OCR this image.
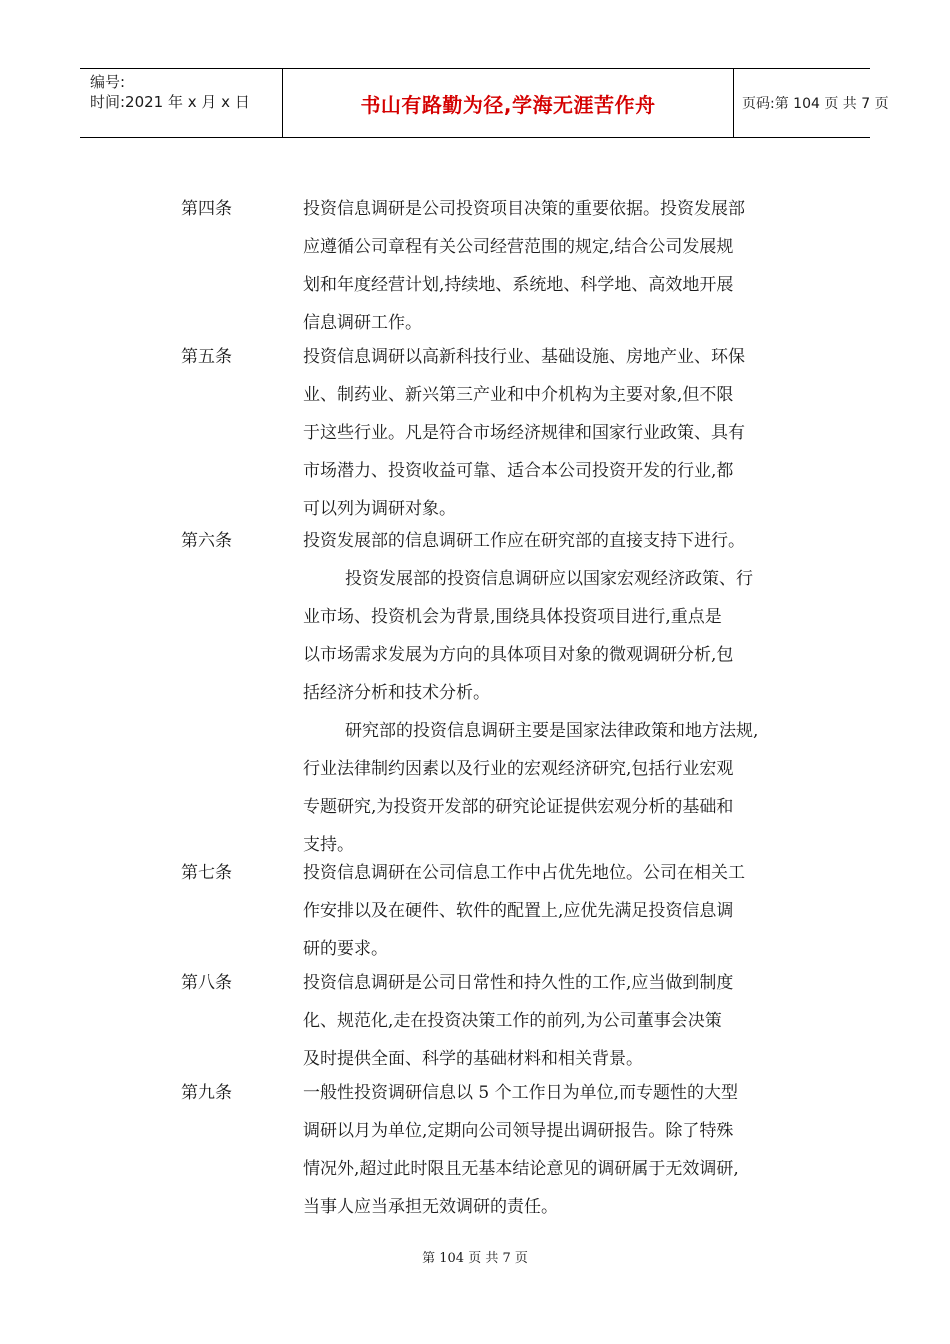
编号:
时间:2021 年 x 月 x 日	书山有路勤为径,学海无涯苦作舟	页码:第 104 页 共 7 页
第四条	投资信息调研是公司投资项目决策的重要依据。投资发展部
应遵循公司章程有关公司经营范围的规定,结合公司发展规
划和年度经营计划,持续地、系统地、科学地、高效地开展
信息调研工作。
第五条	投资信息调研以高新科技行业、基础设施、房地产业、环保
业、制药业、新兴第三产业和中介机构为主要对象,但不限
于这些行业。凡是符合市场经济规律和国家行业政策、具有
市场潜力、投资收益可靠、适合本公司投资开发的行业,都
可以列为调研对象。
第六条	投资发展部的信息调研工作应在研究部的直接支持下进行。
投资发展部的投资信息调研应以国家宏观经济政策、行
业市场、投资机会为背景,围绕具体投资项目进行,重点是
以市场需求发展为方向的具体项目对象的微观调研分析,包
括经济分析和技术分析。
研究部的投资信息调研主要是国家法律政策和地方法规,
行业法律制约因素以及行业的宏观经济研究,包括行业宏观
专题研究,为投资开发部的研究论证提供宏观分析的基础和
支持。
第七条	投资信息调研在公司信息工作中占优先地位。公司在相关工
作安排以及在硬件、软件的配置上,应优先满足投资信息调
研的要求。
第八条	投资信息调研是公司日常性和持久性的工作,应当做到制度
化、规范化,走在投资决策工作的前列,为公司董事会决策
及时提供全面、科学的基础材料和相关背景。
第九条	一般性投资调研信息以 5 个工作日为单位,而专题性的大型
调研以月为单位,定期向公司领导提出调研报告。除了特殊
情况外,超过此时限且无基本结论意见的调研属于无效调研,
当事人应当承担无效调研的责任。
第 104 页 共 7 页
